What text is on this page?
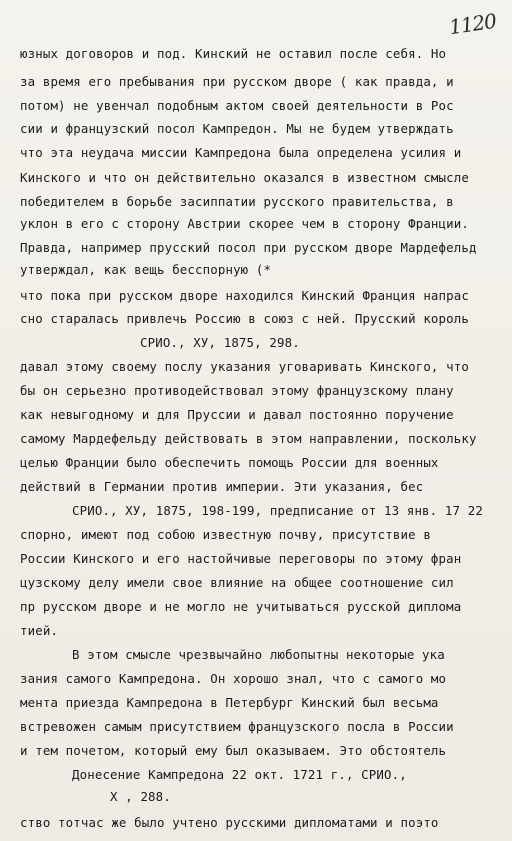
1120
юзных договоров и под. Кинский не оставил после себя. Но
за время его пребывания при русском дворе ( как правда, и
потом) не увенчал подобным актом своей деятельности в Рос
сии и французский посол Кампредон. Мы не будем утверждать
что эта неудача миссии Кампредона была определена усилия и
Кинского и что он действительно оказался в известном смысле
победителем в борьбе засиппатии русского правительства, в
уклон в его с сторону Австрии скорее чем в сторону Франции.
Правда, например прусский посол при русском дворе Мардефельд
утверждал, как вещь бесспорную (*
что пока при русском дворе находился Кинский Франция напрас
сно старалась привлечь Россию в союз с ней. Прусский король
СРИО., ХУ, 1875, 298.
давал этому своему послу указания уговаривать Кинского, что
бы он серьезно противодействовал этому французскому плану
как невыгодному и для Пруссии и давал постоянно поручение
самому Мардефельду действовать в этом направлении, поскольку
целью Франции было обеспечить помощь России для военных
действий в Германии против империи. Эти указания, бес
СРИО., ХУ, 1875, 198-199, предписание от 13 янв. 17 22
спорно, имеют под собою известную почву, присутствие в
России Кинского и его настойчивые переговоры по этому фран
цузскому делу имели свое влияние на общее соотношение сил
пр русском дворе и не могло не учитываться русской диплома
тией.
В этом смысле чрезвычайно любопытны некоторые ука
зания самого Кампредона. Он хорошо знал, что с самого мо
мента приезда Кампредона в Петербург Кинский был весьма
встревожен самым присутствием французского посла в России
и тем почетом, который ему был оказываем. Это обстоятель
Донесение Кампредона 22 окт. 1721 г., СРИО.,
Х , 288.
ство тотчас же было учтено русскими дипломатами и поэто
